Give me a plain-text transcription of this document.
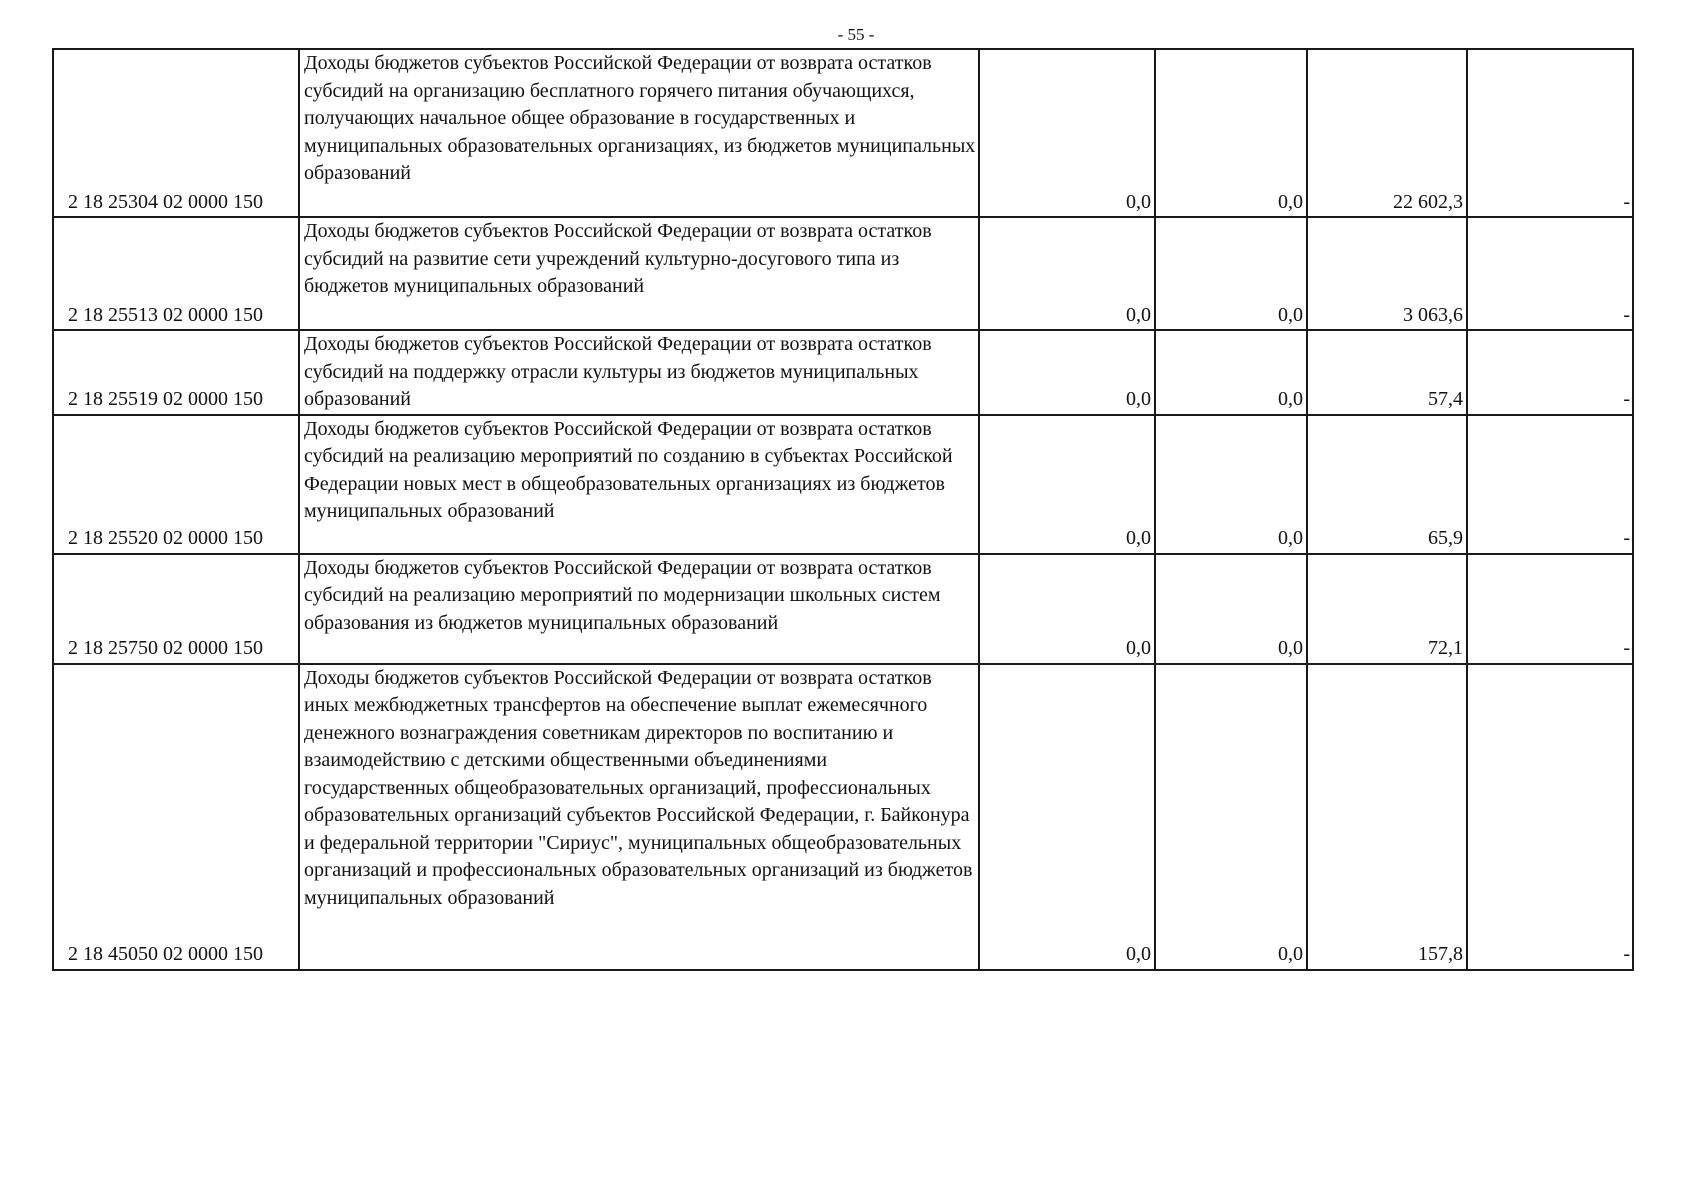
- 55 -
2 18 25304 02 0000 150	Доходы бюджетов субъектов Российской Федерации от возврата остатков субсидий на организацию бесплатного горячего питания обучающихся, получающих начальное общее образование в государственных и муниципальных образовательных организациях, из бюджетов муниципальных образований	0,0	0,0	22 602,3	-
2 18 25513 02 0000 150	Доходы бюджетов субъектов Российской Федерации от возврата остатков субсидий на развитие сети учреждений культурно-досугового типа из бюджетов муниципальных образований	0,0	0,0	3 063,6	-
2 18 25519 02 0000 150	Доходы бюджетов субъектов Российской Федерации от возврата остатков субсидий на поддержку отрасли культуры из бюджетов муниципальных образований	0,0	0,0	57,4	-
2 18 25520 02 0000 150	Доходы бюджетов субъектов Российской Федерации от возврата остатков субсидий на реализацию мероприятий по созданию в субъектах Российской Федерации новых мест в общеобразовательных организациях из бюджетов муниципальных образований	0,0	0,0	65,9	-
2 18 25750 02 0000 150	Доходы бюджетов субъектов Российской Федерации от возврата остатков субсидий на реализацию мероприятий по модернизации школьных систем образования из бюджетов муниципальных образований	0,0	0,0	72,1	-
2 18 45050 02 0000 150	Доходы бюджетов субъектов Российской Федерации от возврата остатков иных межбюджетных трансфертов на обеспечение выплат ежемесячного денежного вознаграждения советникам директоров по воспитанию и взаимодействию с детскими общественными объединениями государственных общеобразовательных организаций, профессиональных образовательных организаций субъектов Российской Федерации, г. Байконура и федеральной территории "Сириус", муниципальных общеобразовательных организаций и профессиональных образовательных организаций из бюджетов муниципальных образований	0,0	0,0	157,8	-
